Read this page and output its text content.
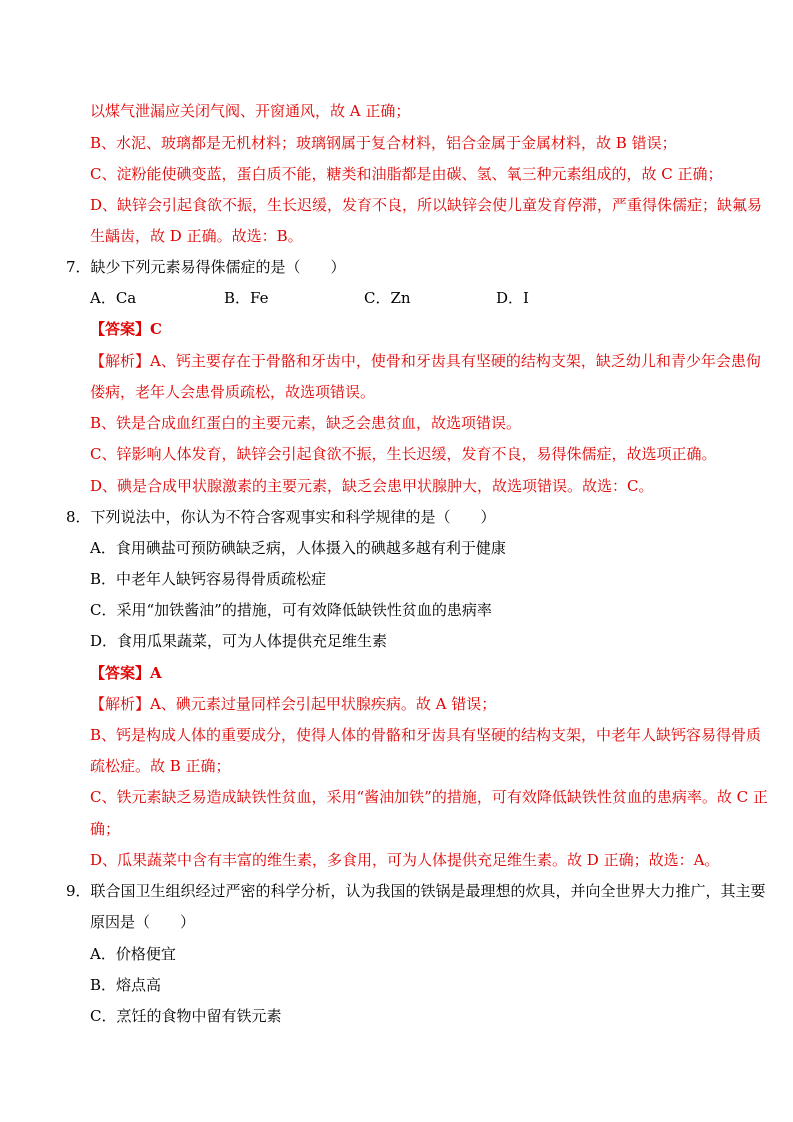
以煤气泄漏应关闭气阀、开窗通风，故 A 正确；
B、水泥、玻璃都是无机材料；玻璃钢属于复合材料，铝合金属于金属材料，故 B 错误；
C、淀粉能使碘变蓝，蛋白质不能，糖类和油脂都是由碳、氢、氧三种元素组成的，故 C 正确；
D、缺锌会引起食欲不振，生长迟缓，发育不良，所以缺锌会使儿童发育停滞，严重得侏儒症；缺氟易
生龋齿，故 D 正确。故选：B。
7．缺少下列元素易得侏儒症的是（　　）
A．Ca	B．Fe	C．Zn	D．I
【答案】C
【解析】A、钙主要存在于骨骼和牙齿中，使骨和牙齿具有坚硬的结构支架，缺乏幼儿和青少年会患佝
偻病，老年人会患骨质疏松，故选项错误。
B、铁是合成血红蛋白的主要元素，缺乏会患贫血，故选项错误。
C、锌影响人体发育，缺锌会引起食欲不振，生长迟缓，发育不良，易得侏儒症，故选项正确。
D、碘是合成甲状腺激素的主要元素，缺乏会患甲状腺肿大，故选项错误。故选：C。
8．下列说法中，你认为不符合客观事实和科学规律的是（　　）
A．食用碘盐可预防碘缺乏病，人体摄入的碘越多越有利于健康
B．中老年人缺钙容易得骨质疏松症
C．采用“加铁酱油”的措施，可有效降低缺铁性贫血的患病率
D．食用瓜果蔬菜，可为人体提供充足维生素
【答案】A
【解析】A、碘元素过量同样会引起甲状腺疾病。故 A 错误；
B、钙是构成人体的重要成分，使得人体的骨骼和牙齿具有坚硬的结构支架，中老年人缺钙容易得骨质
疏松症。故 B 正确；
C、铁元素缺乏易造成缺铁性贫血，采用“酱油加铁”的措施，可有效降低缺铁性贫血的患病率。故 C 正
确；
D、瓜果蔬菜中含有丰富的维生素，多食用，可为人体提供充足维生素。故 D 正确；故选：A。
9．联合国卫生组织经过严密的科学分析，认为我国的铁锅是最理想的炊具，并向全世界大力推广，其主要
原因是（　　）
A．价格便宜
B．熔点高
C．烹饪的食物中留有铁元素
